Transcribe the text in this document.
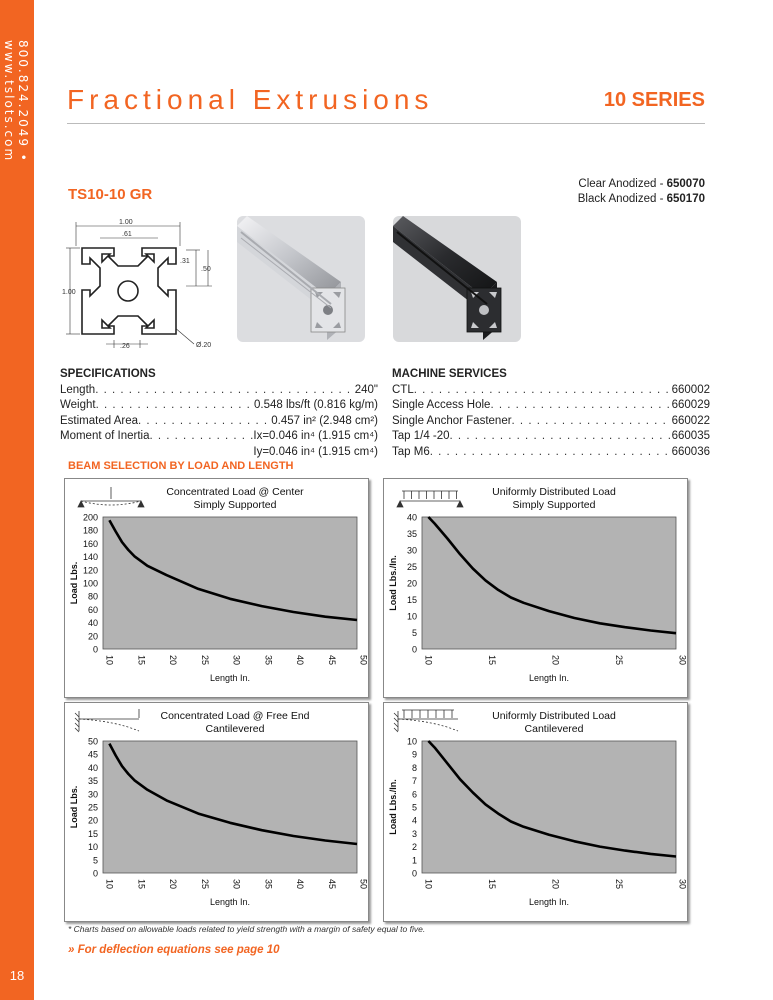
800.824.2049 • www.tslots.com
18
Fractional Extrusions	10 SERIES
TS10-10 GR
Clear Anodized - 650070
Black Anodized - 650170
1.00
.61
.31
.50
1.00
.26	Ø.20
SPECIFICATIONS
Length . . .	240"
Weight . . .	0.548 lbs/ft (0.816 kg/m)
Estimated Area . . .	0.457 in² (2.948 cm²)
Moment of Inertia . . .	Ix=0.046 in⁴ (1.915 cm⁴)
Iy=0.046 in⁴ (1.915 cm⁴)
MACHINE SERVICES
CTL . . .	660002
Single Access Hole . . .	660029
Single Anchor Fastener . . .	660022
Tap 1/4 -20 . . .	660035
Tap M6 . . .	660036
BEAM SELECTION BY LOAD AND LENGTH
Concentrated Load @ Center
Simply Supported
0
20
40
60
80
100
120
140
160
180
200
10 15 20 25 30 35 40 45 50
Length In.
Load Lbs.
Uniformly Distributed Load
Simply Supported
0
5
10
15
20
25
30
35
40
10	15	20	25	30
Length In.
Load Lbs./In.
Concentrated Load @ Free End
Cantilevered
0
5
10
15
20
25
30
35
40
45
50
10 15 20 25 30 35 40 45 50
Length In.
Load Lbs.
Uniformly Distributed Load
Cantilevered
0
1
2
3
4
5
6
7
8
9
10
10	15	20	25	30
Length In.
Load Lbs./In.
* Charts based on allowable loads related to yield strength with a margin of safety equal to five.
» For deflection equations see page 10
